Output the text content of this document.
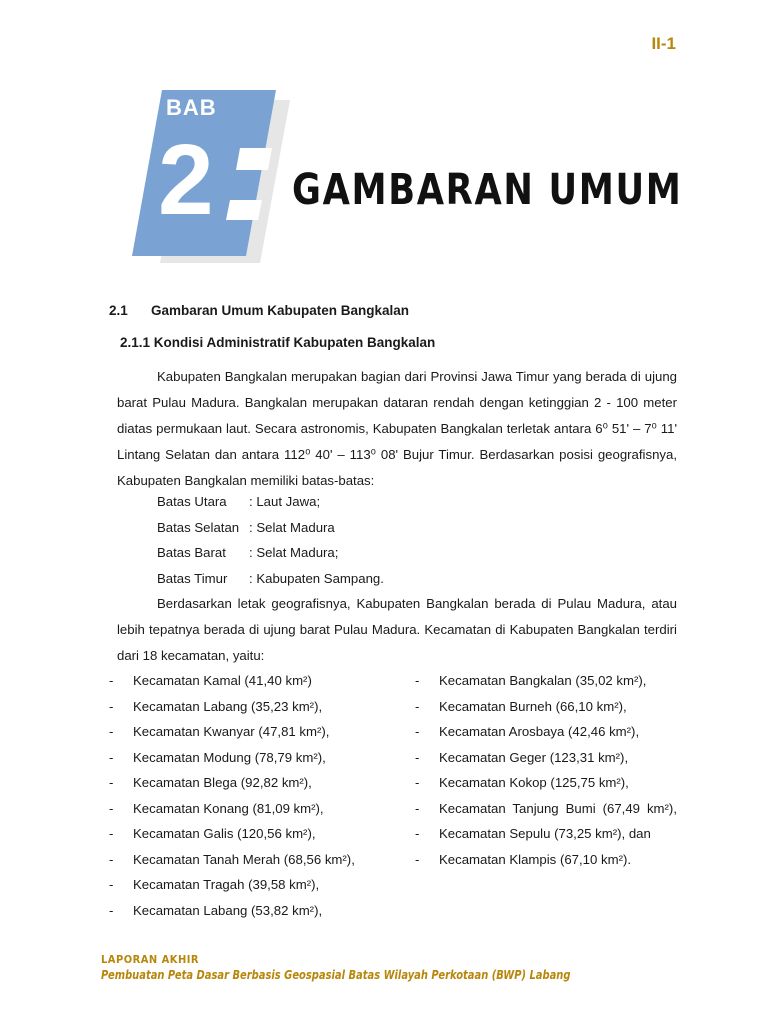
II-1
BAB
2 GAMBARAN UMUM
2.1 Gambaran Umum Kabupaten Bangkalan
2.1.1 Kondisi Administratif Kabupaten Bangkalan
Kabupaten Bangkalan merupakan bagian dari Provinsi Jawa Timur yang berada di ujung barat Pulau Madura. Bangkalan merupakan dataran rendah dengan ketinggian 2 - 100 meter diatas permukaan laut. Secara astronomis, Kabupaten Bangkalan terletak antara 6⁰ 51' – 7⁰ 11' Lintang Selatan dan antara 112⁰ 40' – 113⁰ 08' Bujur Timur. Berdasarkan posisi geografisnya, Kabupaten Bangkalan memiliki batas-batas:
Batas Utara	: Laut Jawa;
Batas Selatan : Selat Madura
Batas Barat	: Selat Madura;
Batas Timur	: Kabupaten Sampang.
Berdasarkan letak geografisnya, Kabupaten Bangkalan berada di Pulau Madura, atau lebih tepatnya berada di ujung barat Pulau Madura. Kecamatan di Kabupaten Bangkalan terdiri dari 18 kecamatan, yaitu:
-	Kecamatan Kamal (41,40 km²)
-	Kecamatan Labang (35,23 km²),
-	Kecamatan Kwanyar (47,81 km²),
-	Kecamatan Modung (78,79 km²),
-	Kecamatan Blega (92,82 km²),
-	Kecamatan Konang (81,09 km²),
-	Kecamatan Galis (120,56 km²),
-	Kecamatan Tanah Merah (68,56 km²),
-	Kecamatan Tragah (39,58 km²),
-	Kecamatan Labang (53,82 km²),
-	Kecamatan Bangkalan (35,02 km²),
-	Kecamatan Burneh (66,10 km²),
-	Kecamatan Arosbaya (42,46 km²),
-	Kecamatan Geger (123,31 km²),
-	Kecamatan Kokop (125,75 km²),
-	Kecamatan Tanjung Bumi (67,49 km²),
-	Kecamatan Sepulu (73,25 km²), dan
-	Kecamatan Klampis (67,10 km²).
LAPORAN AKHIR
Pembuatan Peta Dasar Berbasis Geospasial Batas Wilayah Perkotaan (BWP) Labang
